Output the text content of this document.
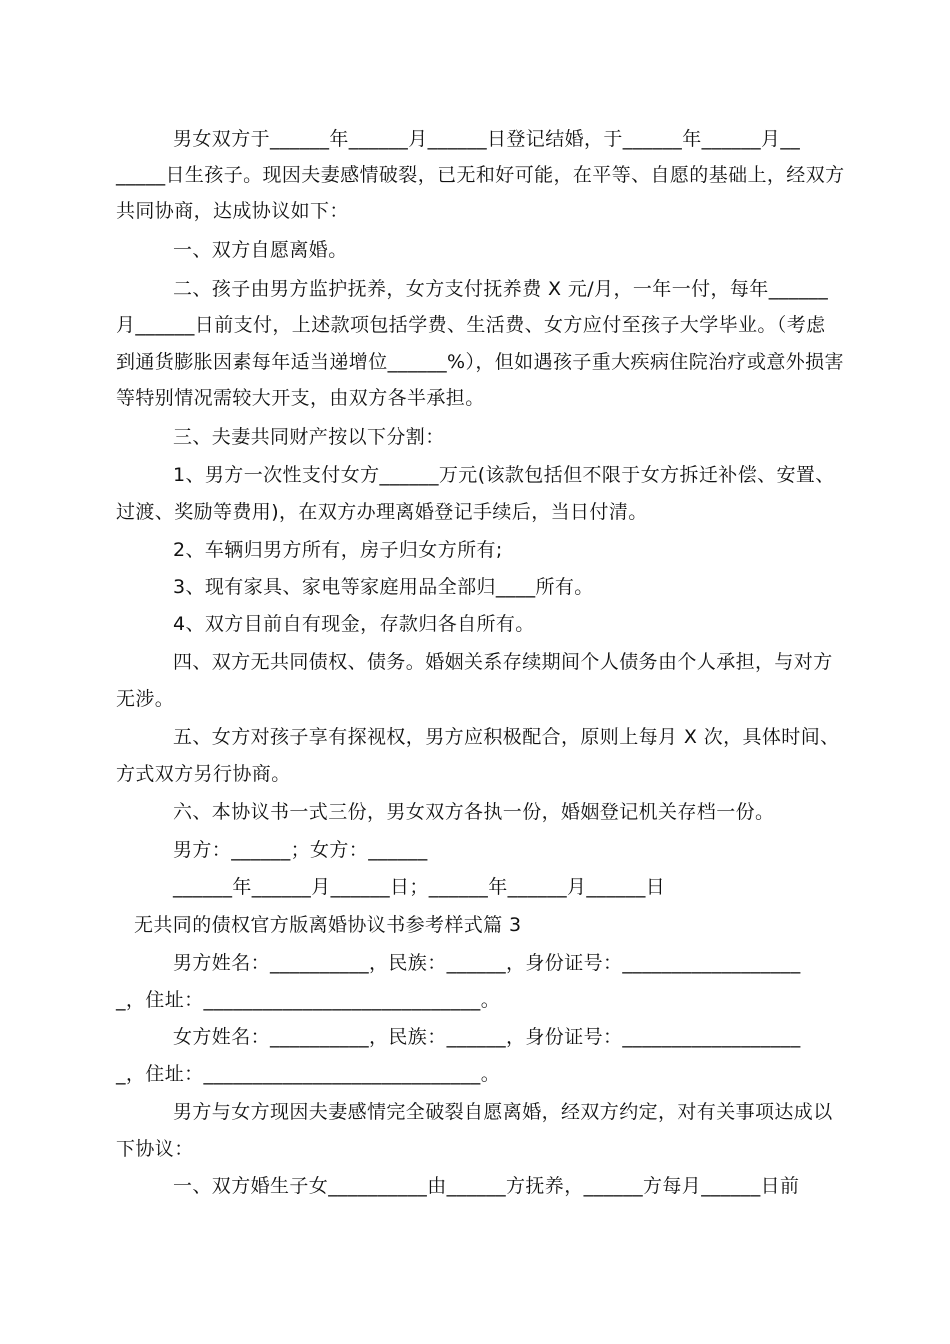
男女双方于______年______月______日登记结婚，于______年______月__
_____日生孩子。现因夫妻感情破裂，已无和好可能，在平等、自愿的基础上，经双方
共同协商，达成协议如下：
一、双方自愿离婚。
二、孩子由男方监护抚养，女方支付抚养费 X 元/月，一年一付，每年______
月______日前支付，上述款项包括学费、生活费、女方应付至孩子大学毕业。（考虑
到通货膨胀因素每年适当递增位______%），但如遇孩子重大疾病住院治疗或意外损害
等特别情况需较大开支，由双方各半承担。
三、夫妻共同财产按以下分割：
1、男方一次性支付女方______万元(该款包括但不限于女方拆迁补偿、安置、
过渡、奖励等费用)，在双方办理离婚登记手续后，当日付清。
2、车辆归男方所有，房子归女方所有;
3、现有家具、家电等家庭用品全部归____所有。
4、双方目前自有现金，存款归各自所有。
四、双方无共同债权、债务。婚姻关系存续期间个人债务由个人承担，与对方
无涉。
五、女方对孩子享有探视权，男方应积极配合，原则上每月 X 次，具体时间、
方式双方另行协商。
六、本协议书一式三份，男女双方各执一份，婚姻登记机关存档一份。
男方：______；女方：______
______年______月______日；______年______月______日
无共同的债权官方版离婚协议书参考样式篇 3
男方姓名：__________，民族：______，身份证号：__________________
_，住址：____________________________。
女方姓名：__________，民族：______，身份证号：__________________
_，住址：____________________________。
男方与女方现因夫妻感情完全破裂自愿离婚，经双方约定，对有关事项达成以
下协议：
一、双方婚生子女__________由______方抚养，______方每月______日前
